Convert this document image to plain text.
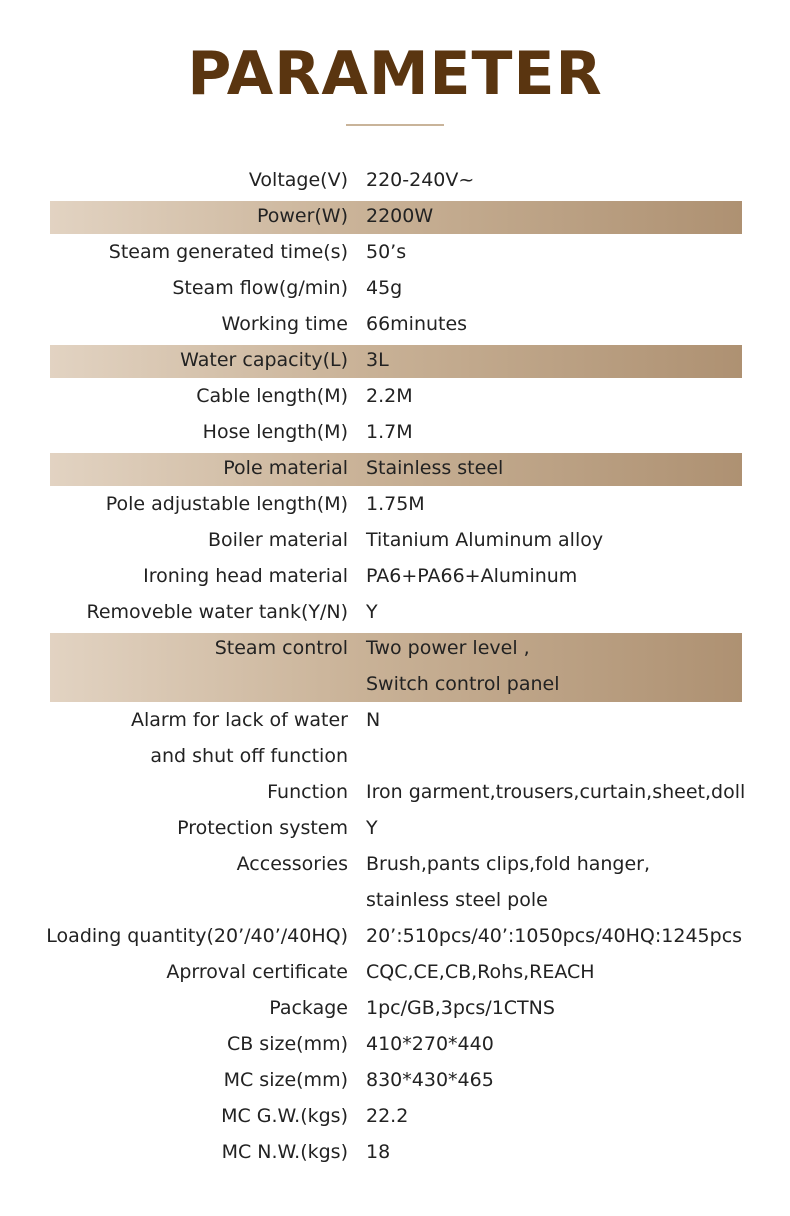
PARAMETER
Voltage(V) 220-240V~
Power(W) 2200W
Steam generated time(s) 50’s
Steam flow(g/min) 45g
Working time 66minutes
Water capacity(L) 3L
Cable length(M) 2.2M
Hose length(M) 1.7M
Pole material Stainless steel
Pole adjustable length(M) 1.75M
Boiler material Titanium Aluminum alloy
Ironing head material PA6+PA66+Aluminum
Removeble water tank(Y/N) Y
Steam control Two power level ,
Switch control panel
Alarm for lack of water
and shut off function
N
Function Iron garment,trousers,curtain,sheet,doll
Protection system Y
Accessories Brush,pants clips,fold hanger,
stainless steel pole
Loading quantity(20’/40’/40HQ) 20’:510pcs/40’:1050pcs/40HQ:1245pcs
Aprroval certificate CQC,CE,CB,Rohs,REACH
Package 1pc/GB,3pcs/1CTNS
CB size(mm) 410*270*440
MC size(mm) 830*430*465
MC G.W.(kgs) 22.2
MC N.W.(kgs) 18
